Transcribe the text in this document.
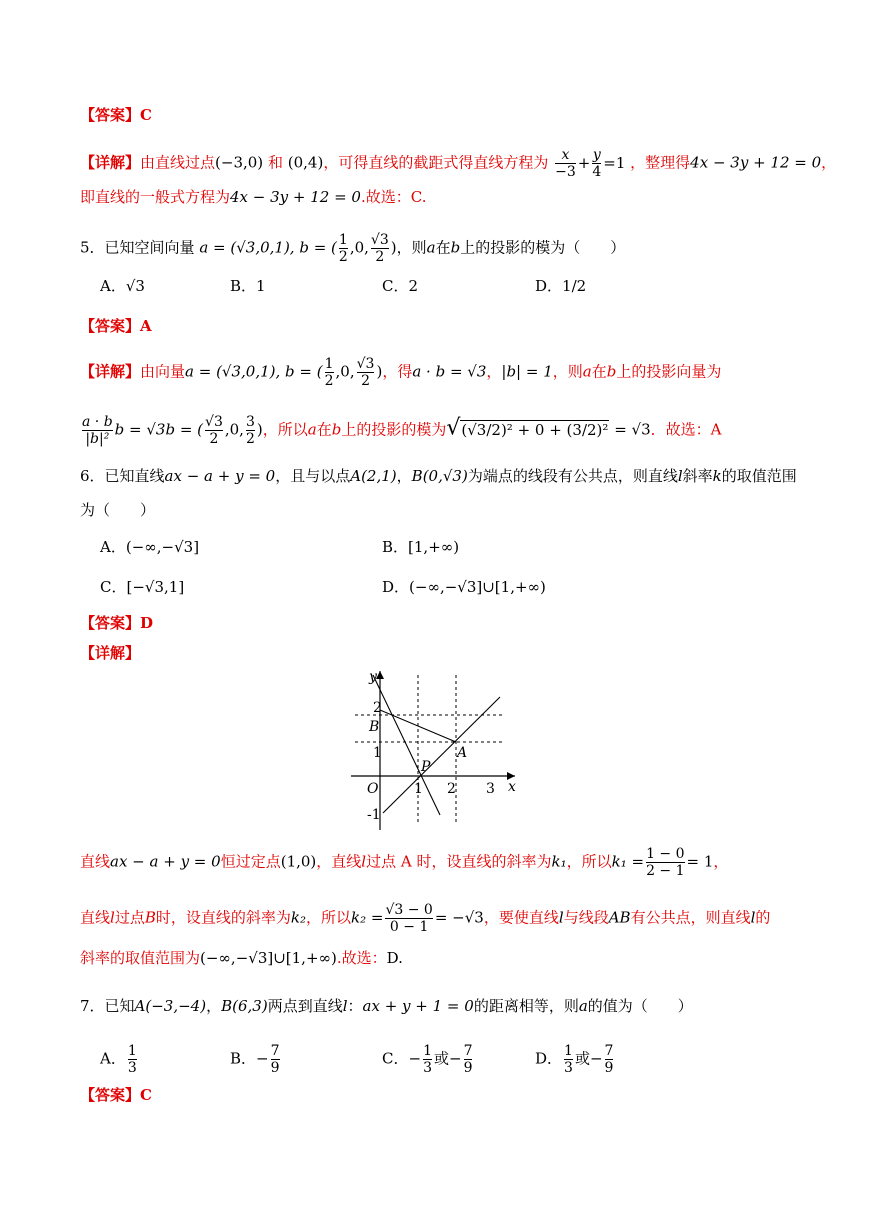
【答案】C
【详解】由直线过点(−3,0) 和 (0,4)，可得直线的截距式得直线方程为 $\frac{x}{-3} + \frac{y}{4} =1$ ，整理得4x − 3y + 12 = 0，
即直线的一般式方程为4x − 3y + 12 = 0.故选：C.
5．已知空间向量 a = (√3,0,1), b = ( $\frac{1}{2} ,0$, $\frac{√3}{2}$ )，则a在b上的投影的模为（　　）
A．√3	B．1	C．2	D．1/2
【答案】A
【详解】由向量a = (√3,0,1), b = ( $\frac{1}{2} ,0$, $\frac{√3}{2}$ )，得a · b = √3，|b| = 1，则a在b上的投影向量为
$\frac{a \cdot b}{\text{|b|²}}$ b = √3b = ( $\frac{√3}{2} ,0$, $\frac{3}{2}$ )，所以a在b上的投影的模为√(√3/2)² + 0 + (3/2)² = √3．故选：A
6．已知直线ax − a + y = 0，且与以点A(2,1)，B(0,√3)为端点的线段有公共点，则直线l斜率k的取值范围
为（　　）
A．(−∞,−√3]	B．[1,+∞)
C．[−√3,1]	D．(−∞,−√3]∪[1,+∞)
【答案】D
【详解】
y
x
O
B
A
P
1 2 3
1
2
-1
直线ax − a + y = 0恒过定点(1,0)，直线l过点 A 时，设直线的斜率为k₁，所以$k_1 = \frac{1 - 0}{2 - 1} = 1$，
直线l过点B时，设直线的斜率为k₂，所以$k_2 = \frac{√3 - 0}{0 - 1} = -√3$，要使直线l与线段AB有公共点，则直线l的
斜率的取值范围为(−∞,−√3]∪[1,+∞).故选：D.
7．已知A(−3,−4)，B(6,3)两点到直线l：ax + y + 1 = 0的距离相等，则a的值为（　　）
A． $\frac{1}{3}$	B．− $\frac{7}{9}$	C．− $\frac{1}{3}$ 或− $\frac{7}{9}$	D． $\frac{1}{3}$ 或− $\frac{7}{9}$
【答案】C
